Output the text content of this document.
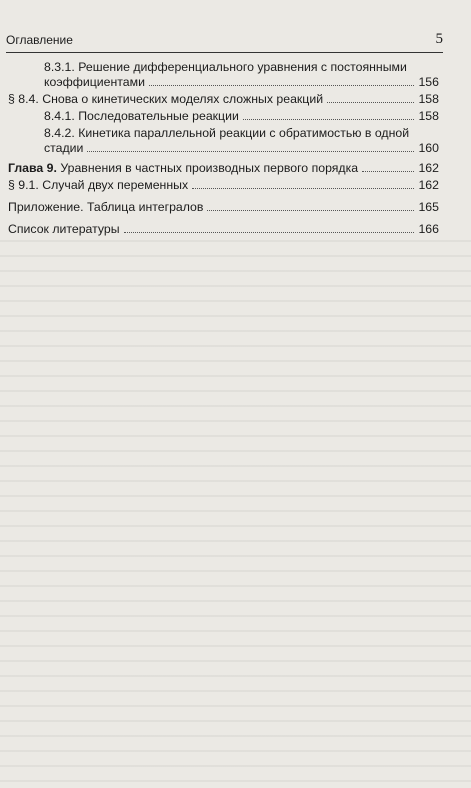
Оглавление	5
8.3.1. Решение дифференциального уравнения с постоянными
коэффициентами	156
§ 8.4. Снова о кинетических моделях сложных реакций	158
8.4.1. Последовательные реакции	158
8.4.2. Кинетика параллельной реакции с обратимостью в одной
стадии	160
Глава 9. Уравнения в частных производных первого порядка	162
§ 9.1. Случай двух переменных	162
Приложение. Таблица интегралов	165
Список литературы	166
